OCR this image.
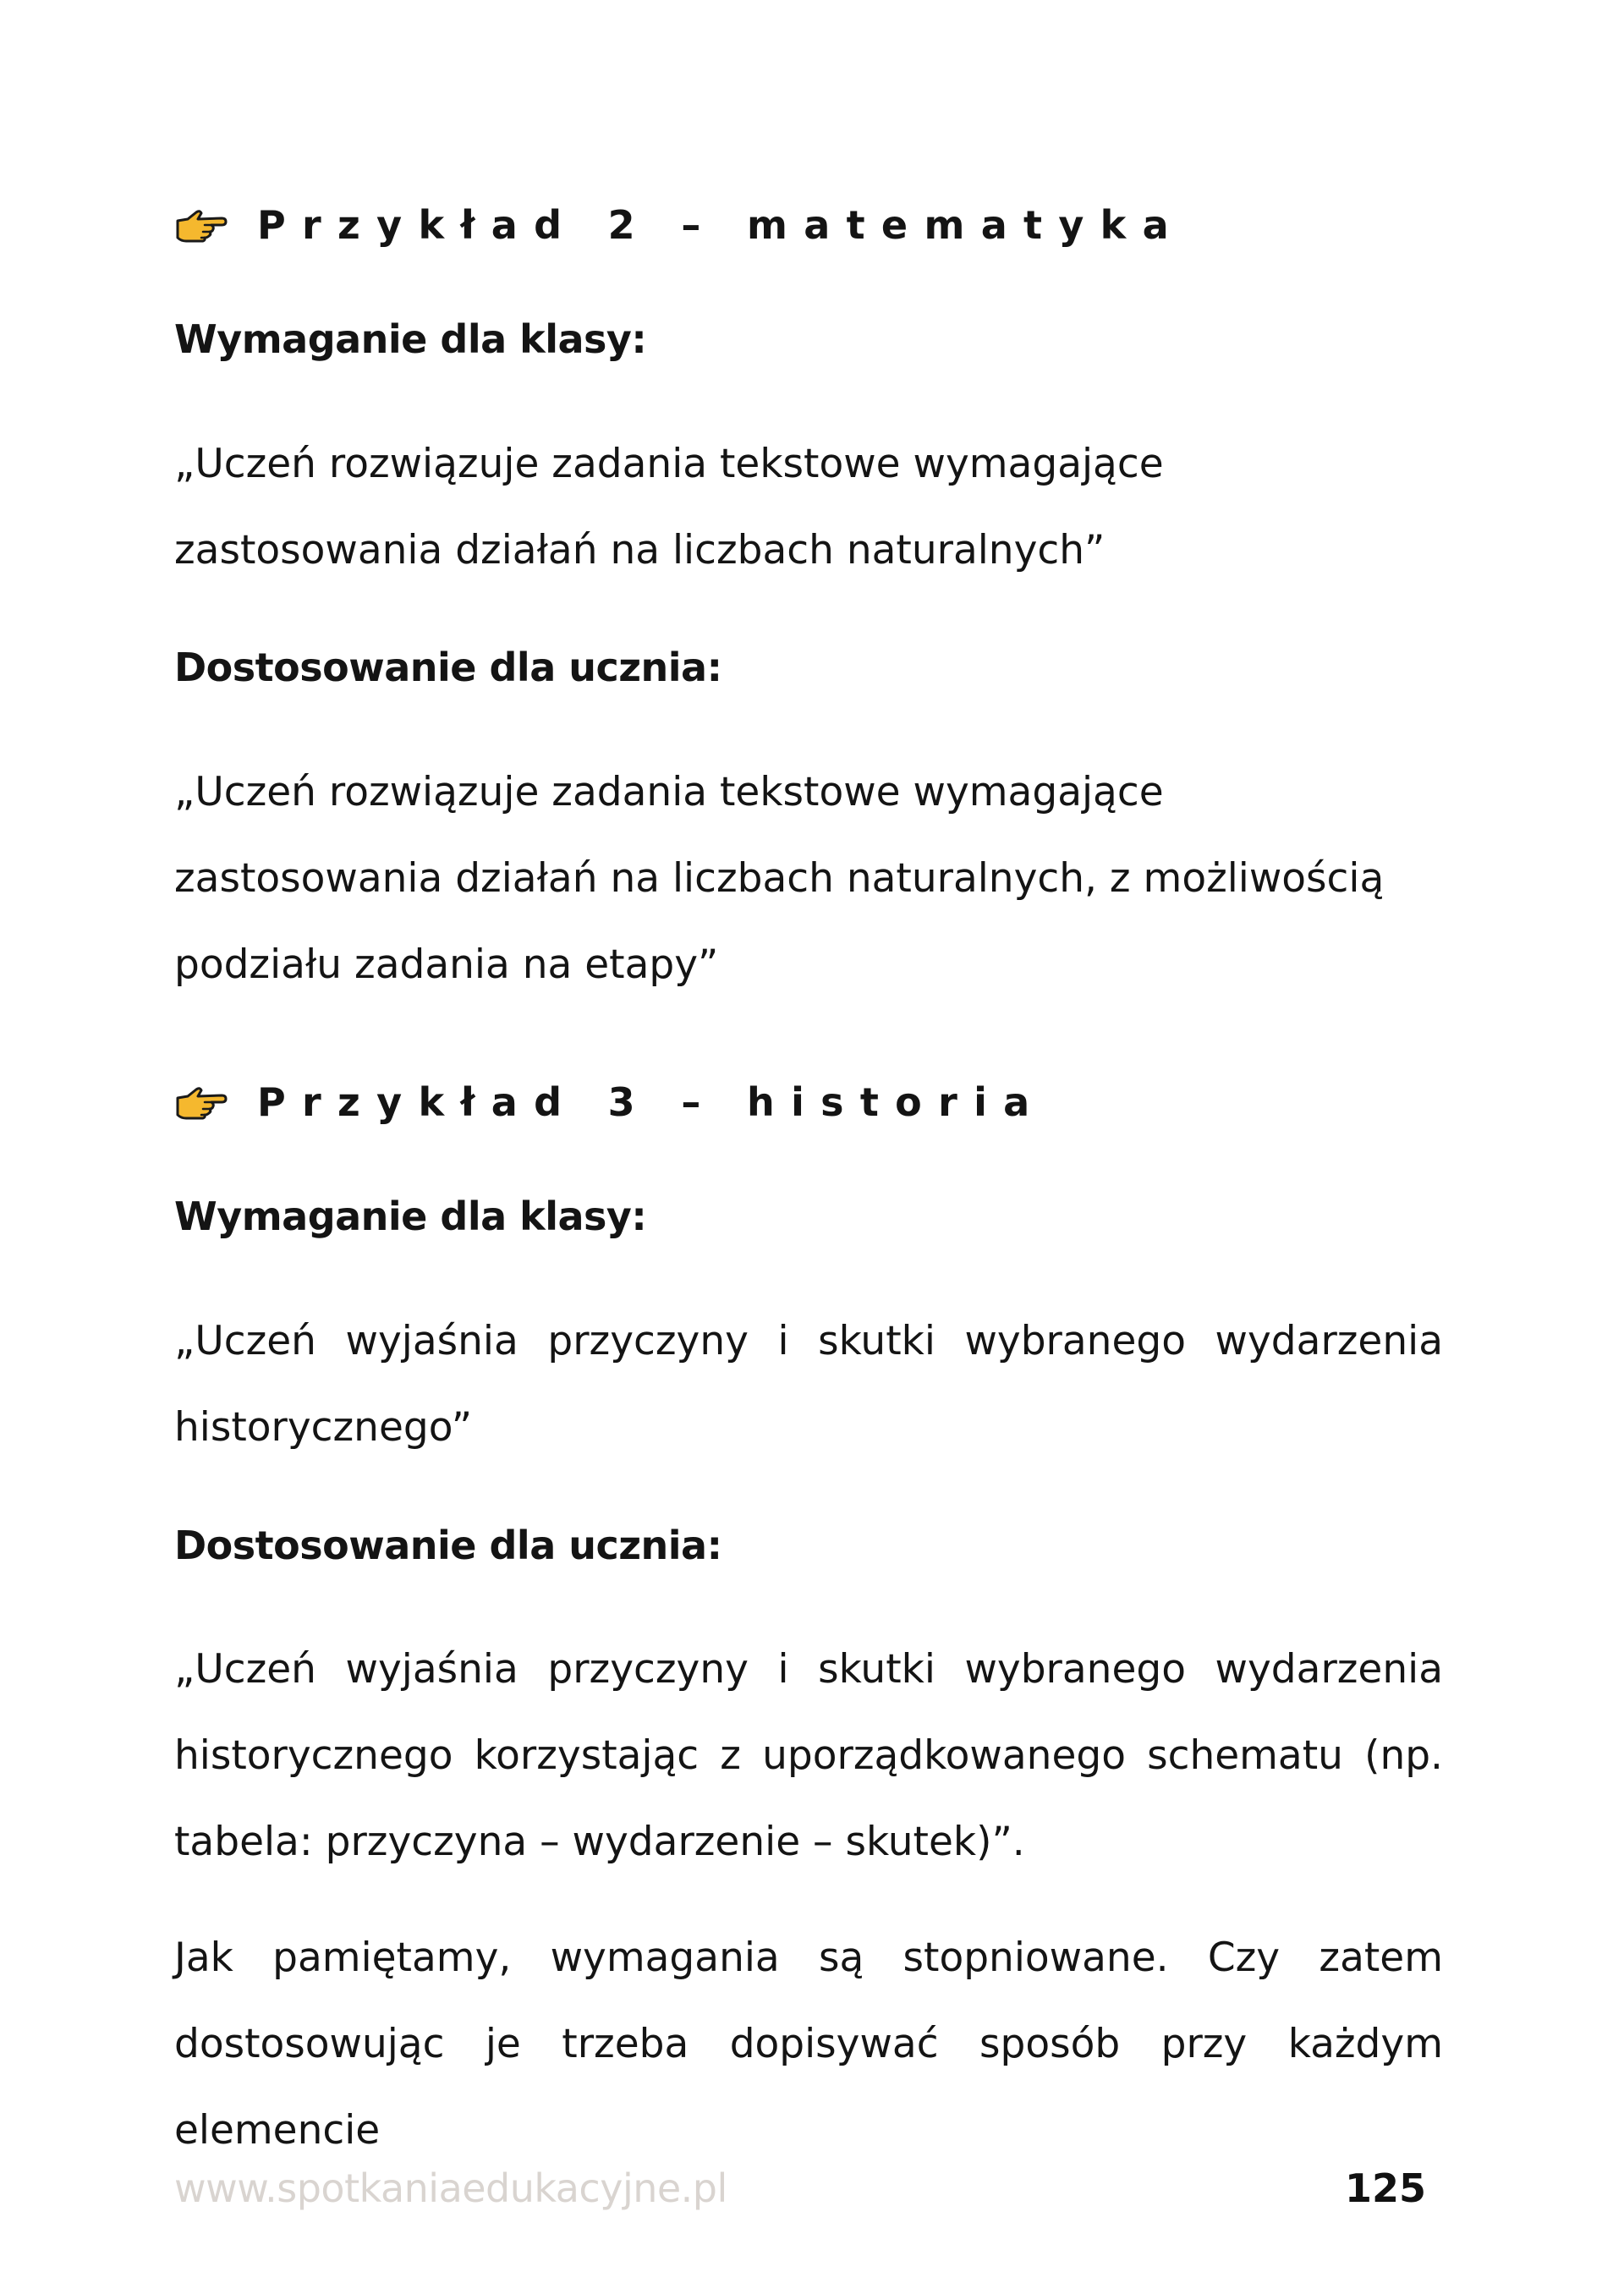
Przykład 2 – matematyka
Wymaganie dla klasy:
„Uczeń rozwiązuje zadania tekstowe wymagające zastosowania działań na liczbach naturalnych”
Dostosowanie dla ucznia:
„Uczeń rozwiązuje zadania tekstowe wymagające zastosowania działań na liczbach naturalnych, z możliwością podziału zadania na etapy”
Przykład 3 – historia
Wymaganie dla klasy:
„Uczeń wyjaśnia przyczyny i skutki wybranego wydarzenia historycznego”
Dostosowanie dla ucznia:
„Uczeń wyjaśnia przyczyny i skutki wybranego wydarzenia historycznego korzystając z uporządkowanego schematu (np. tabela: przyczyna – wydarzenie – skutek)”.
Jak pamiętamy, wymagania są stopniowane. Czy zatem dostosowując je trzeba dopisywać sposób przy każdym elemencie
www.spotkaniaedukacyjne.pl	125
